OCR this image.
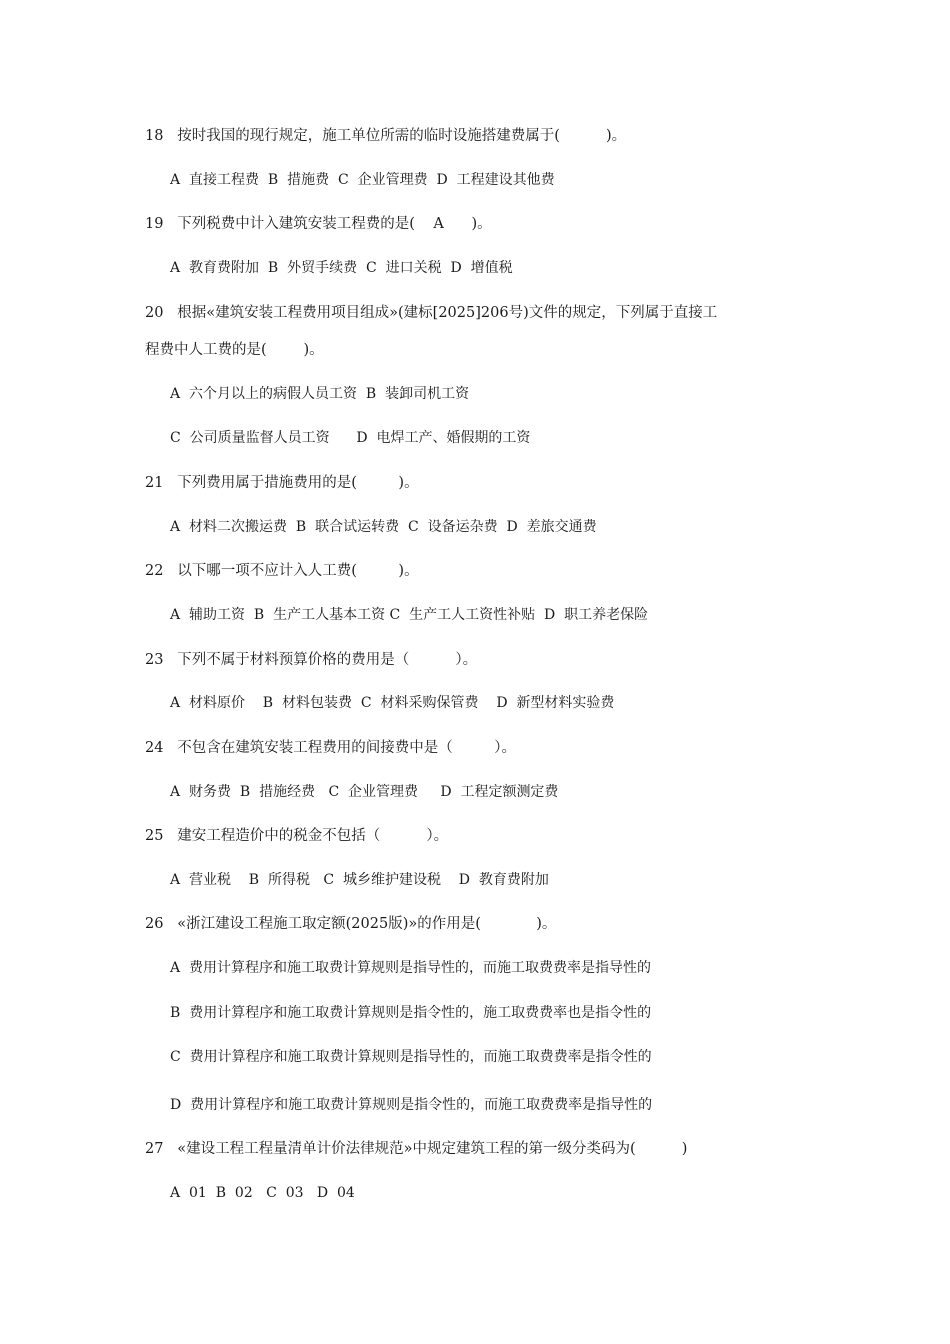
18   按时我国的现行规定，施工单位所需的临时设施搭建费属于(          )。
A  直接工程费  B  措施费  C  企业管理费  D  工程建设其他费
19   下列税费中计入建筑安装工程费的是(    A      )。
A  教育费附加  B  外贸手续费  C  进口关税  D  增值税
20   根据«建筑安装工程费用项目组成»(建标[2025]206号)文件的规定，下列属于直接工
程费中人工费的是(        )。
A  六个月以上的病假人员工资  B  装卸司机工资
C  公司质量监督人员工资      D  电焊工产、婚假期的工资
21   下列费用属于措施费用的是(         )。
A  材料二次搬运费  B  联合试运转费  C  设备运杂费  D  差旅交通费
22   以下哪一项不应计入人工费(         )。
A  辅助工资  B  生产工人基本工资 C  生产工人工资性补贴  D  职工养老保险
23   下列不属于材料预算价格的费用是（          ）。
A  材料原价    B  材料包装费  C  材料采购保管费    D  新型材料实验费
24   不包含在建筑安装工程费用的间接费中是（         ）。
A  财务费  B  措施经费   C  企业管理费     D  工程定额测定费
25   建安工程造价中的税金不包括（          ）。
A  营业税    B  所得税   C  城乡维护建设税    D  教育费附加
26   «浙江建设工程施工取定额(2025版)»的作用是(            )。
A  费用计算程序和施工取费计算规则是指导性的，而施工取费费率是指导性的
B  费用计算程序和施工取费计算规则是指令性的，施工取费费率也是指令性的
C  费用计算程序和施工取费计算规则是指导性的，而施工取费费率是指令性的
D  费用计算程序和施工取费计算规则是指令性的，而施工取费费率是指导性的
27   «建设工程工程量清单计价法律规范»中规定建筑工程的第一级分类码为(          )
A  01  B  02   C  03   D  04
